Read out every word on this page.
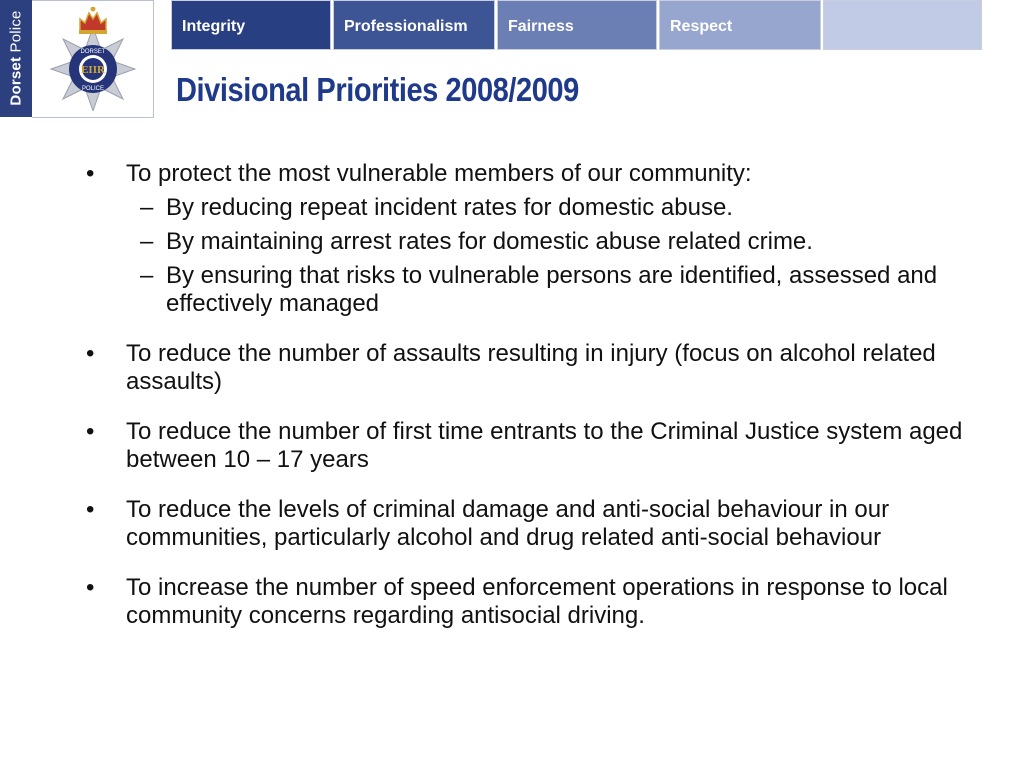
Dorset Police
EIIR
DORSET
POLICE
Integrity	Professionalism	Fairness	Respect
Divisional Priorities 2008/2009
• To protect the most vulnerable members of our community:
– By reducing repeat incident rates for domestic abuse.
– By maintaining arrest rates for domestic abuse related crime.
– By ensuring that risks to vulnerable persons are identified, assessed and effectively managed
• To reduce the number of assaults resulting in injury (focus on alcohol related assaults)
• To reduce the number of first time entrants to the Criminal Justice system aged between 10 – 17 years
• To reduce the levels of criminal damage and anti-social behaviour in our communities, particularly alcohol and drug related anti-social behaviour
• To increase the number of speed enforcement operations in response to local community concerns regarding antisocial driving.
